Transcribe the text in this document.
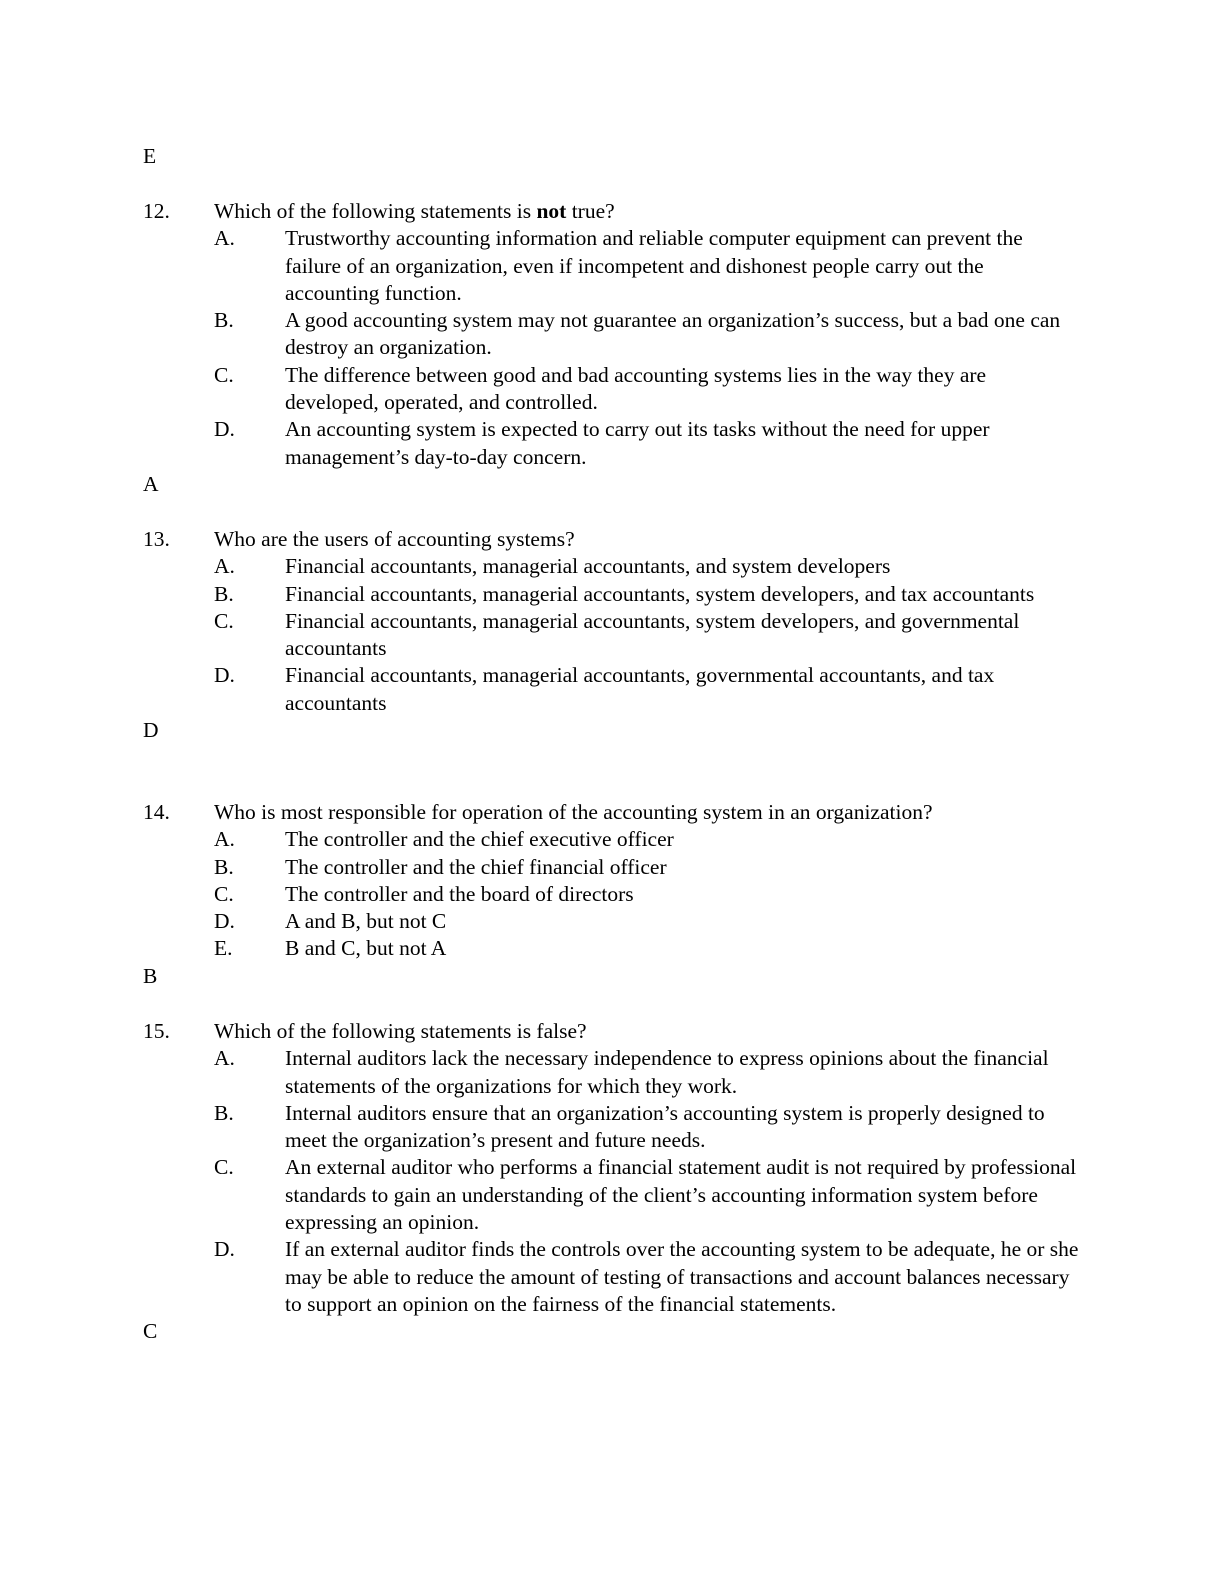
E
12. Which of the following statements is not true?
A. Trustworthy accounting information and reliable computer equipment can prevent the failure of an organization, even if incompetent and dishonest people carry out the accounting function.
B. A good accounting system may not guarantee an organization’s success, but a bad one can destroy an organization.
C. The difference between good and bad accounting systems lies in the way they are developed, operated, and controlled.
D. An accounting system is expected to carry out its tasks without the need for upper management’s day-to-day concern.
A
13. Who are the users of accounting systems?
A. Financial accountants, managerial accountants, and system developers
B. Financial accountants, managerial accountants, system developers, and tax accountants
C. Financial accountants, managerial accountants, system developers, and governmental accountants
D. Financial accountants, managerial accountants, governmental accountants, and tax accountants
D
14. Who is most responsible for operation of the accounting system in an organization?
A. The controller and the chief executive officer
B. The controller and the chief financial officer
C. The controller and the board of directors
D. A and B, but not C
E. B and C, but not A
B
15. Which of the following statements is false?
A. Internal auditors lack the necessary independence to express opinions about the financial statements of the organizations for which they work.
B. Internal auditors ensure that an organization’s accounting system is properly designed to meet the organization’s present and future needs.
C. An external auditor who performs a financial statement audit is not required by professional standards to gain an understanding of the client’s accounting information system before expressing an opinion.
D. If an external auditor finds the controls over the accounting system to be adequate, he or she may be able to reduce the amount of testing of transactions and account balances necessary to support an opinion on the fairness of the financial statements.
C
